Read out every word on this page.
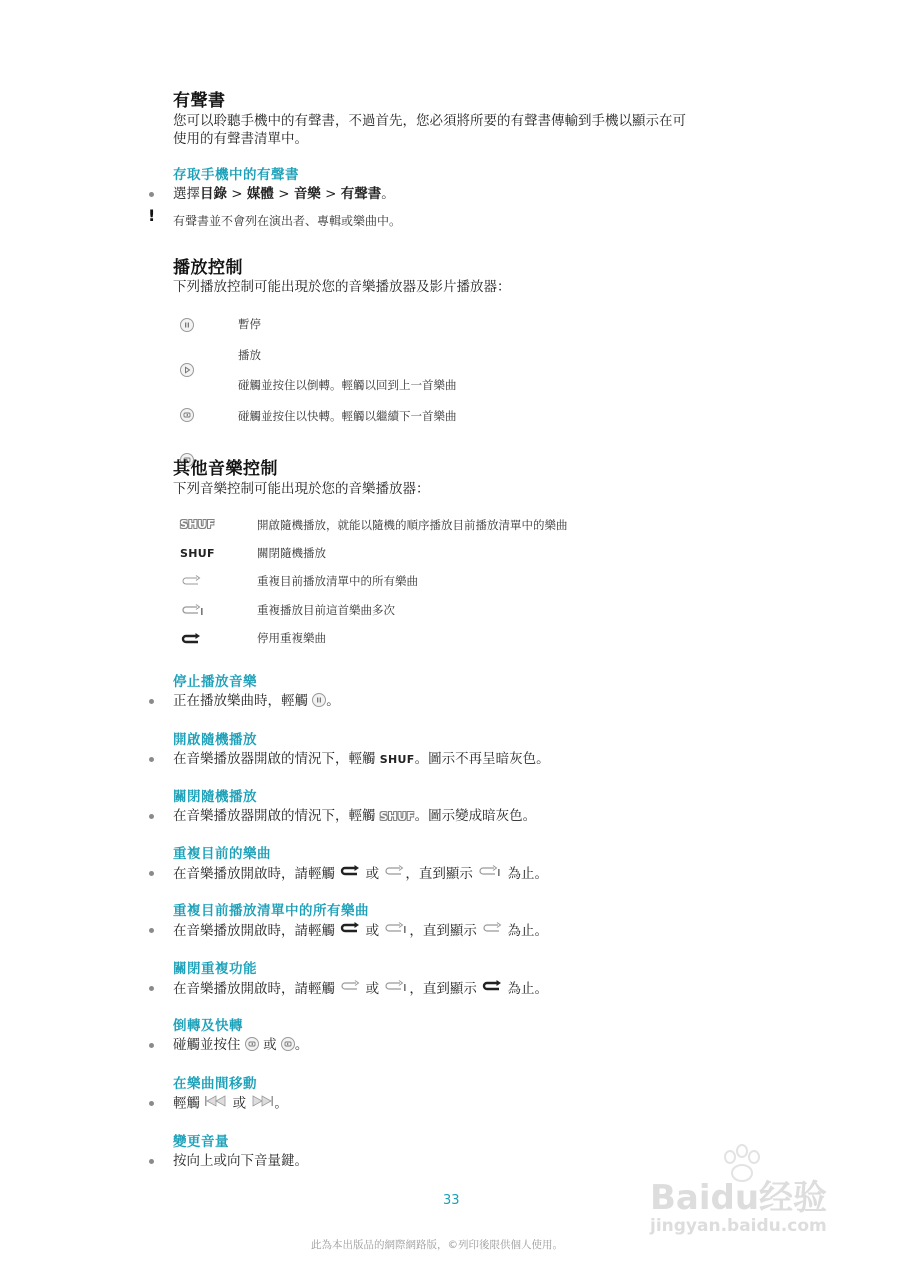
有聲書
您可以聆聽手機中的有聲書，不過首先，您必須將所要的有聲書傳輸到手機以顯示在可
使用的有聲書清單中。
存取手機中的有聲書
選擇目錄 > 媒體 > 音樂 > 有聲書。
! 有聲書並不會列在演出者、專輯或樂曲中。
播放控制
下列播放控制可能出現於您的音樂播放器及影片播放器：
暫停
播放
碰觸並按住以倒轉。輕觸以回到上一首樂曲
碰觸並按住以快轉。輕觸以繼續下一首樂曲
其他音樂控制
下列音樂控制可能出現於您的音樂播放器：
SHUF	開啟隨機播放，就能以隨機的順序播放目前播放清單中的樂曲
SHUF	關閉隨機播放
重複目前播放清單中的所有樂曲
重複播放目前這首樂曲多次
停用重複樂曲
停止播放音樂
正在播放樂曲時，輕觸 。
開啟隨機播放
在音樂播放器開啟的情況下，輕觸 SHUF。圖示不再呈暗灰色。
關閉隨機播放
在音樂播放器開啟的情況下，輕觸 SHUF。圖示變成暗灰色。
重複目前的樂曲
在音樂播放開啟時，請輕觸 或 ，直到顯示	為止。
重複目前播放清單中的所有樂曲
在音樂播放開啟時，請輕觸 或 ，直到顯示 為止。
關閉重複功能
在音樂播放開啟時，請輕觸 或 ，直到顯示 為止。
倒轉及快轉
碰觸並按住 或 。
在樂曲間移動
輕觸 或 。
變更音量
按向上或向下音量鍵。
33
此為本出版品的網際網路版，©列印後限供個人使用。
Baidu经验
jingyan.baidu.com
